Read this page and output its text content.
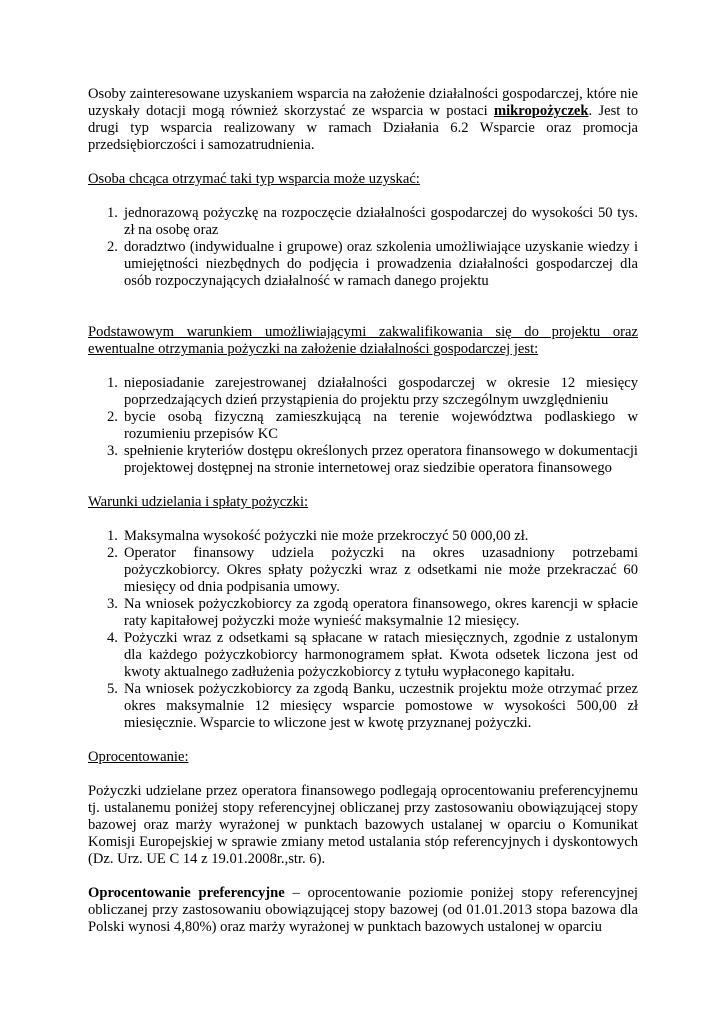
Osoby zainteresowane uzyskaniem wsparcia na założenie działalności gospodarczej, które nie uzyskały dotacji mogą również skorzystać ze wsparcia w postaci mikropożyczek. Jest to drugi typ wsparcia realizowany w ramach Działania 6.2 Wsparcie oraz promocja przedsiębiorczości i samozatrudnienia.

Osoba chcąca otrzymać taki typ wsparcia może uzyskać:

1. jednorazową pożyczkę na rozpoczęcie działalności gospodarczej do wysokości 50 tys. zł na osobę oraz
2. doradztwo (indywidualne i grupowe) oraz szkolenia umożliwiające uzyskanie wiedzy i umiejętności niezbędnych do podjęcia i prowadzenia działalności gospodarczej dla osób rozpoczynających działalność w ramach danego projektu

Podstawowym warunkiem umożliwiającymi zakwalifikowania się do projektu oraz ewentualne otrzymania pożyczki na założenie działalności gospodarczej jest:

1. nieposiadanie zarejestrowanej działalności gospodarczej w okresie 12 miesięcy poprzedzających dzień przystąpienia do projektu przy szczególnym uwzględnieniu
2. bycie osobą fizyczną zamieszkującą na terenie województwa podlaskiego w rozumieniu przepisów KC
3. spełnienie kryteriów dostępu określonych przez operatora finansowego w dokumentacji projektowej dostępnej na stronie internetowej oraz siedzibie operatora finansowego

Warunki udzielania i spłaty pożyczki:

1. Maksymalna wysokość pożyczki nie może przekroczyć 50 000,00 zł.
2. Operator finansowy udziela pożyczki na okres uzasadniony potrzebami pożyczkobiorcy. Okres spłaty pożyczki wraz z odsetkami nie może przekraczać 60 miesięcy od dnia podpisania umowy.
3. Na wniosek pożyczkobiorcy za zgodą operatora finansowego, okres karencji w spłacie raty kapitałowej pożyczki może wynieść maksymalnie 12 miesięcy.
4. Pożyczki wraz z odsetkami są spłacane w ratach miesięcznych, zgodnie z ustalonym dla każdego pożyczkobiorcy harmonogramem spłat. Kwota odsetek liczona jest od kwoty aktualnego zadłużenia pożyczkobiorcy z tytułu wypłaconego kapitału.
5. Na wniosek pożyczkobiorcy za zgodą Banku, uczestnik projektu może otrzymać przez okres maksymalnie 12 miesięcy wsparcie pomostowe w wysokości 500,00 zł miesięcznie. Wsparcie to wliczone jest w kwotę przyznanej pożyczki.

Oprocentowanie:

Pożyczki udzielane przez operatora finansowego podlegają oprocentowaniu preferencyjnemu tj. ustalanemu poniżej stopy referencyjnej obliczanej przy zastosowaniu obowiązującej stopy bazowej oraz marży wyrażonej w punktach bazowych ustalanej w oparciu o Komunikat Komisji Europejskiej w sprawie zmiany metod ustalania stóp referencyjnych i dyskontowych (Dz. Urz. UE C 14 z 19.01.2008r.,str. 6).

Oprocentowanie preferencyjne – oprocentowanie poziomie poniżej stopy referencyjnej obliczanej przy zastosowaniu obowiązującej stopy bazowej (od 01.01.2013 stopa bazowa dla Polski wynosi 4,80%) oraz marży wyrażonej w punktach bazowych ustalonej w oparciu
